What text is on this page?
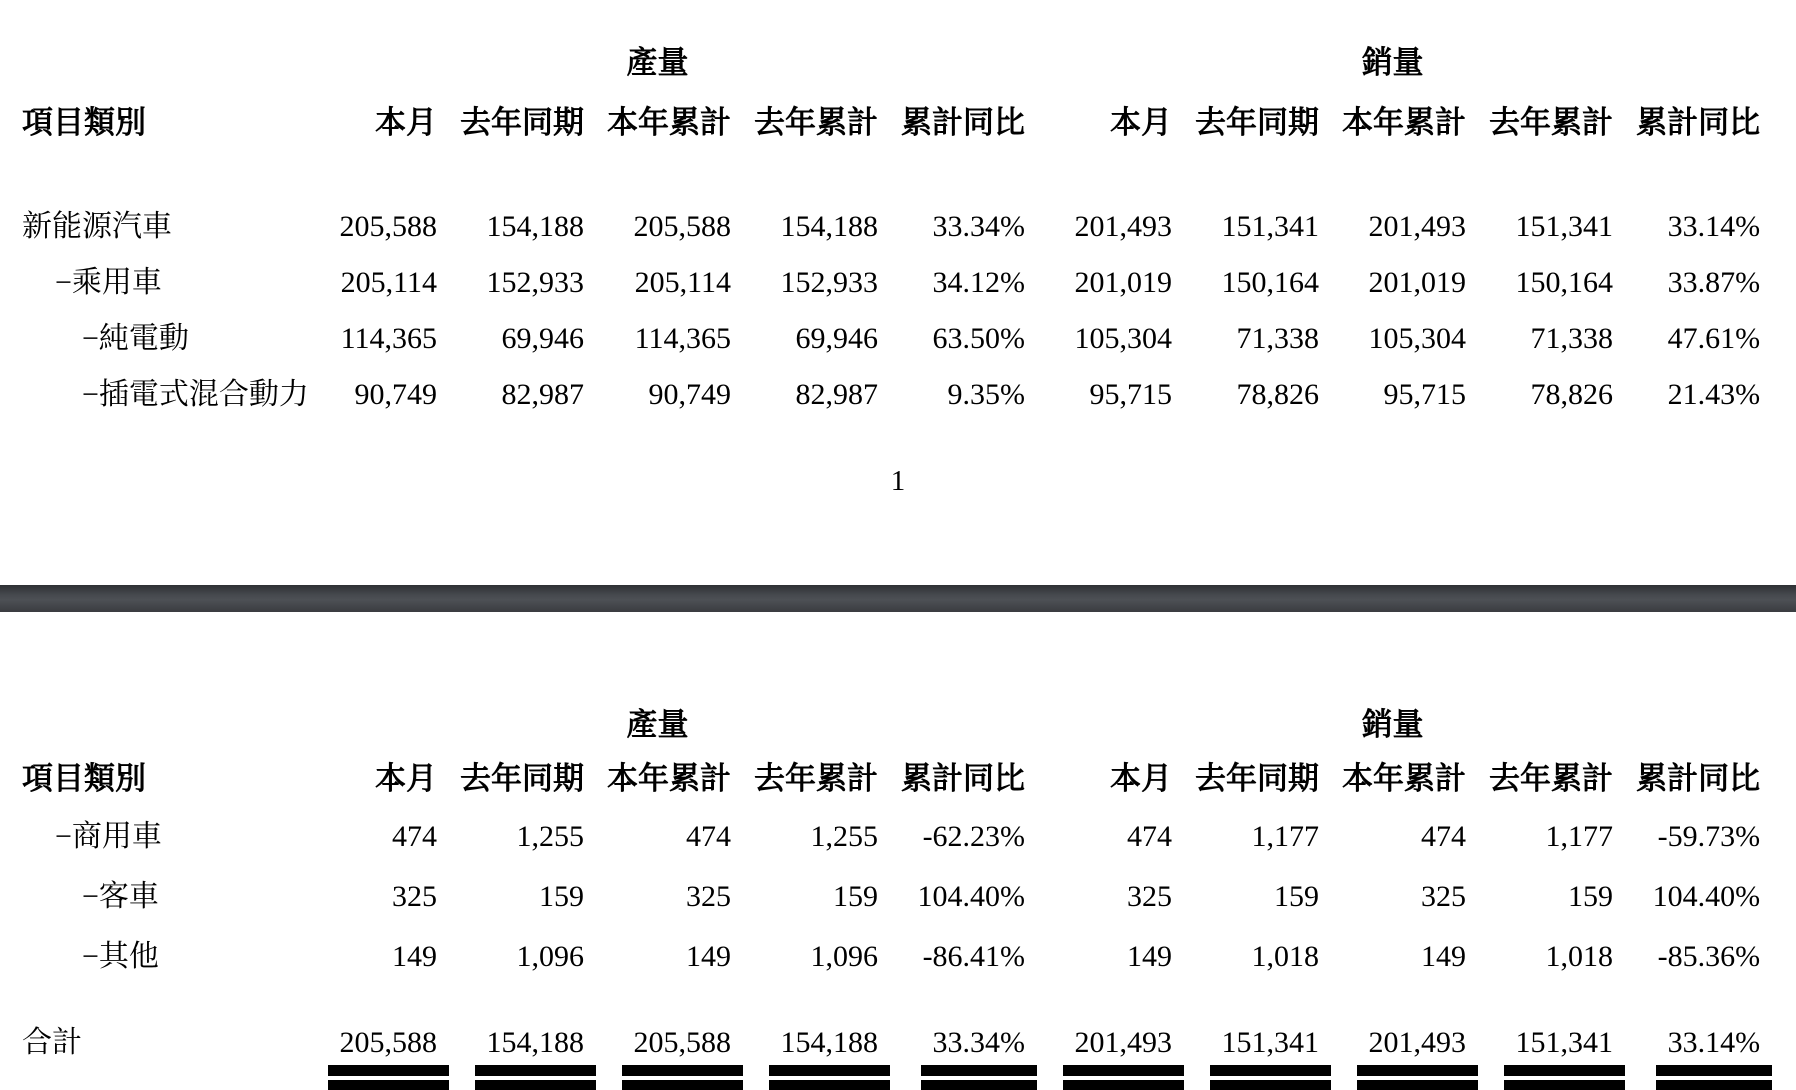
	產量					銷量				
項目類別	本月	去年同期	本年累計	去年累計	累計同比	本月	去年同期	本年累計	去年累計	累計同比
新能源汽車	205,588	154,188	205,588	154,188	33.34%	201,493	151,341	201,493	151,341	33.14%
−乘用車	205,114	152,933	205,114	152,933	34.12%	201,019	150,164	201,019	150,164	33.87%
−純電動	114,365	69,946	114,365	69,946	63.50%	105,304	71,338	105,304	71,338	47.61%
−插電式混合動力	90,749	82,987	90,749	82,987	9.35%	95,715	78,826	95,715	78,826	21.43%
1
	產量					銷量				
項目類別	本月	去年同期	本年累計	去年累計	累計同比	本月	去年同期	本年累計	去年累計	累計同比
−商用車	474	1,255	474	1,255	-62.23%	474	1,177	474	1,177	-59.73%
−客車	325	159	325	159	104.40%	325	159	325	159	104.40%
−其他	149	1,096	149	1,096	-86.41%	149	1,018	149	1,018	-85.36%
合計	205,588	154,188	205,588	154,188	33.34%	201,493	151,341	201,493	151,341	33.14%
